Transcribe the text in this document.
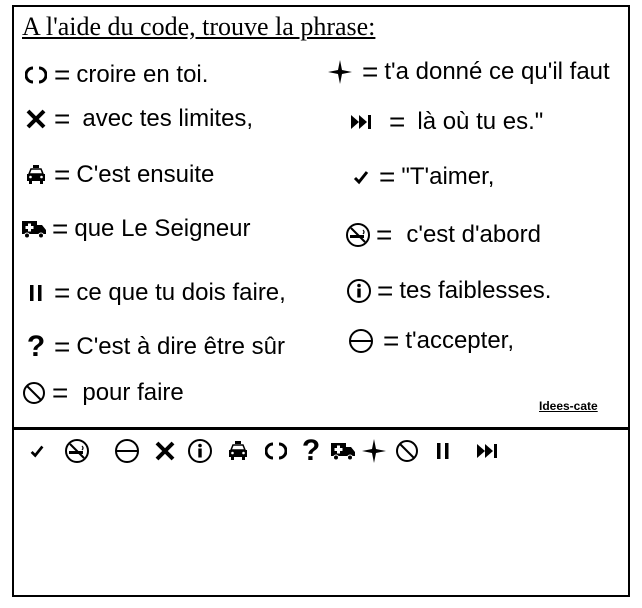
A l'aide du code, trouve la phrase:
= croire en toi.
= avec tes limites,
= C'est ensuite
= que Le Seigneur
= ce que tu dois faire,
? = C'est à dire être sûr
= pour faire
= t'a donné ce qu'il faut
= là où tu es."
= "T'aimer,
= c'est d'abord
= tes faiblesses.
= t'accepter,
Idees-cate
?
